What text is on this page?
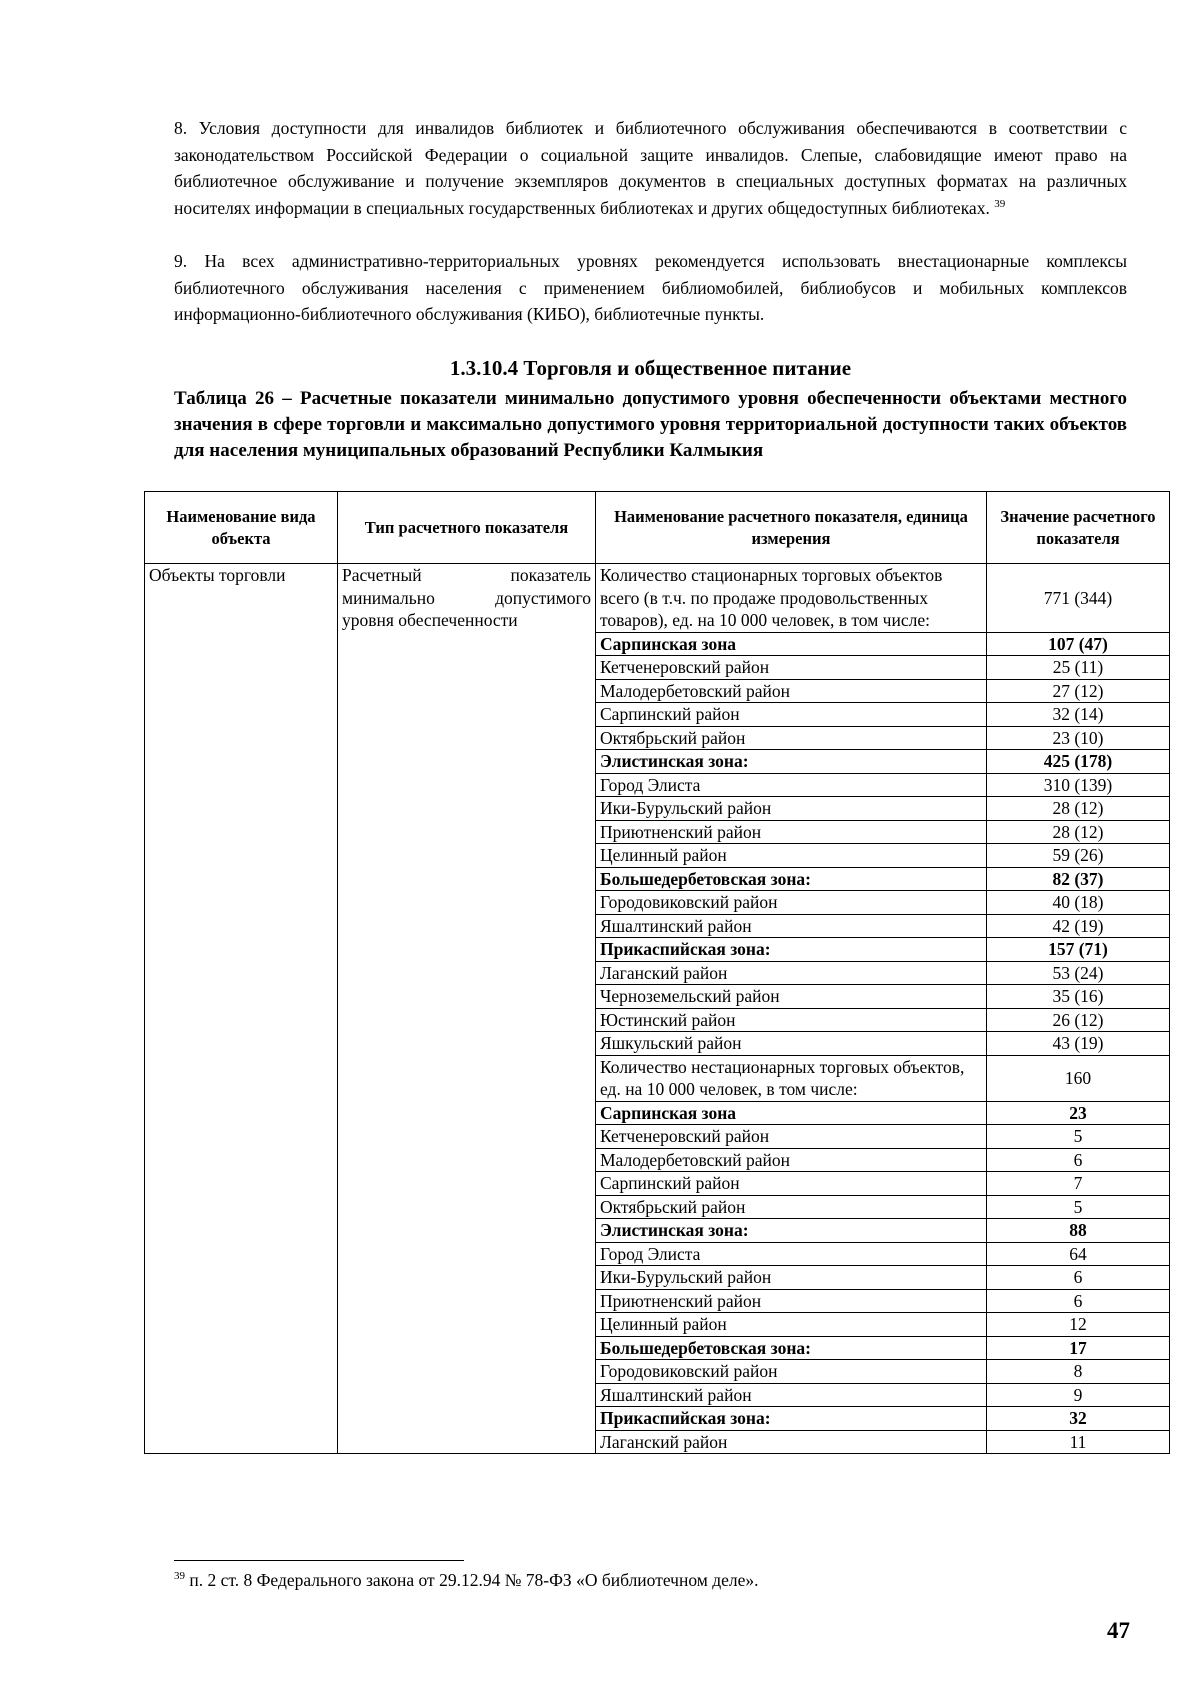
8. Условия доступности для инвалидов библиотек и библиотечного обслуживания обеспечиваются в соответствии с законодательством Российской Федерации о социальной защите инвалидов. Слепые, слабовидящие имеют право на библиотечное обслуживание и получение экземпляров документов в специальных доступных форматах на различных носителях информации в специальных государственных библиотеках и других общедоступных библиотеках. $^{39}$

9. На всех административно-территориальных уровнях рекомендуется использовать внестационарные комплексы библиотечного обслуживания населения с применением библиомобилей, библиобусов и мобильных комплексов информационно-библиотечного обслуживания (КИБО), библиотечные пункты.

1.3.10.4 Торговля и общественное питание

Таблица 26 – Расчетные показатели минимально допустимого уровня обеспеченности объектами местного значения в сфере торговли и максимально допустимого уровня территориальной доступности таких объектов для населения муниципальных образований Республики Калмыкия

Наименование вида объекта	Тип расчетного показателя	Наименование расчетного показателя, единица измерения	Значение расчетного показателя
Объекты торговли	Расчетный показатель минимально допустимого уровня обеспеченности	Количество стационарных торговых объектов всего (в т.ч. по продаже продовольственных товаров), ед. на 10 000 человек, в том числе:	771 (344)
		Сарпинская зона	107 (47)
		Кетченеровский район	25 (11)
		Малодербетовский район	27 (12)
		Сарпинский район	32 (14)
		Октябрьский район	23 (10)
		Элистинская зона:	425 (178)
		Город Элиста	310 (139)
		Ики-Бурульский район	28 (12)
		Приютненский район	28 (12)
		Целинный район	59 (26)
		Большедербетовская зона:	82 (37)
		Городовиковский район	40 (18)
		Яшалтинский район	42 (19)
		Прикаспийская зона:	157 (71)
		Лаганский район	53 (24)
		Черноземельский район	35 (16)
		Юстинский район	26 (12)
		Яшкульский район	43 (19)
		Количество нестационарных торговых объектов, ед. на 10 000 человек, в том числе:	160
		Сарпинская зона	23
		Кетченеровский район	5
		Малодербетовский район	6
		Сарпинский район	7
		Октябрьский район	5
		Элистинская зона:	88
		Город Элиста	64
		Ики-Бурульский район	6
		Приютненский район	6
		Целинный район	12
		Большедербетовская зона:	17
		Городовиковский район	8
		Яшалтинский район	9
		Прикаспийская зона:	32
		Лаганский район	11

$^{39}$ п. 2 ст. 8 Федерального закона от 29.12.94 № 78-ФЗ «О библиотечном деле».

47
